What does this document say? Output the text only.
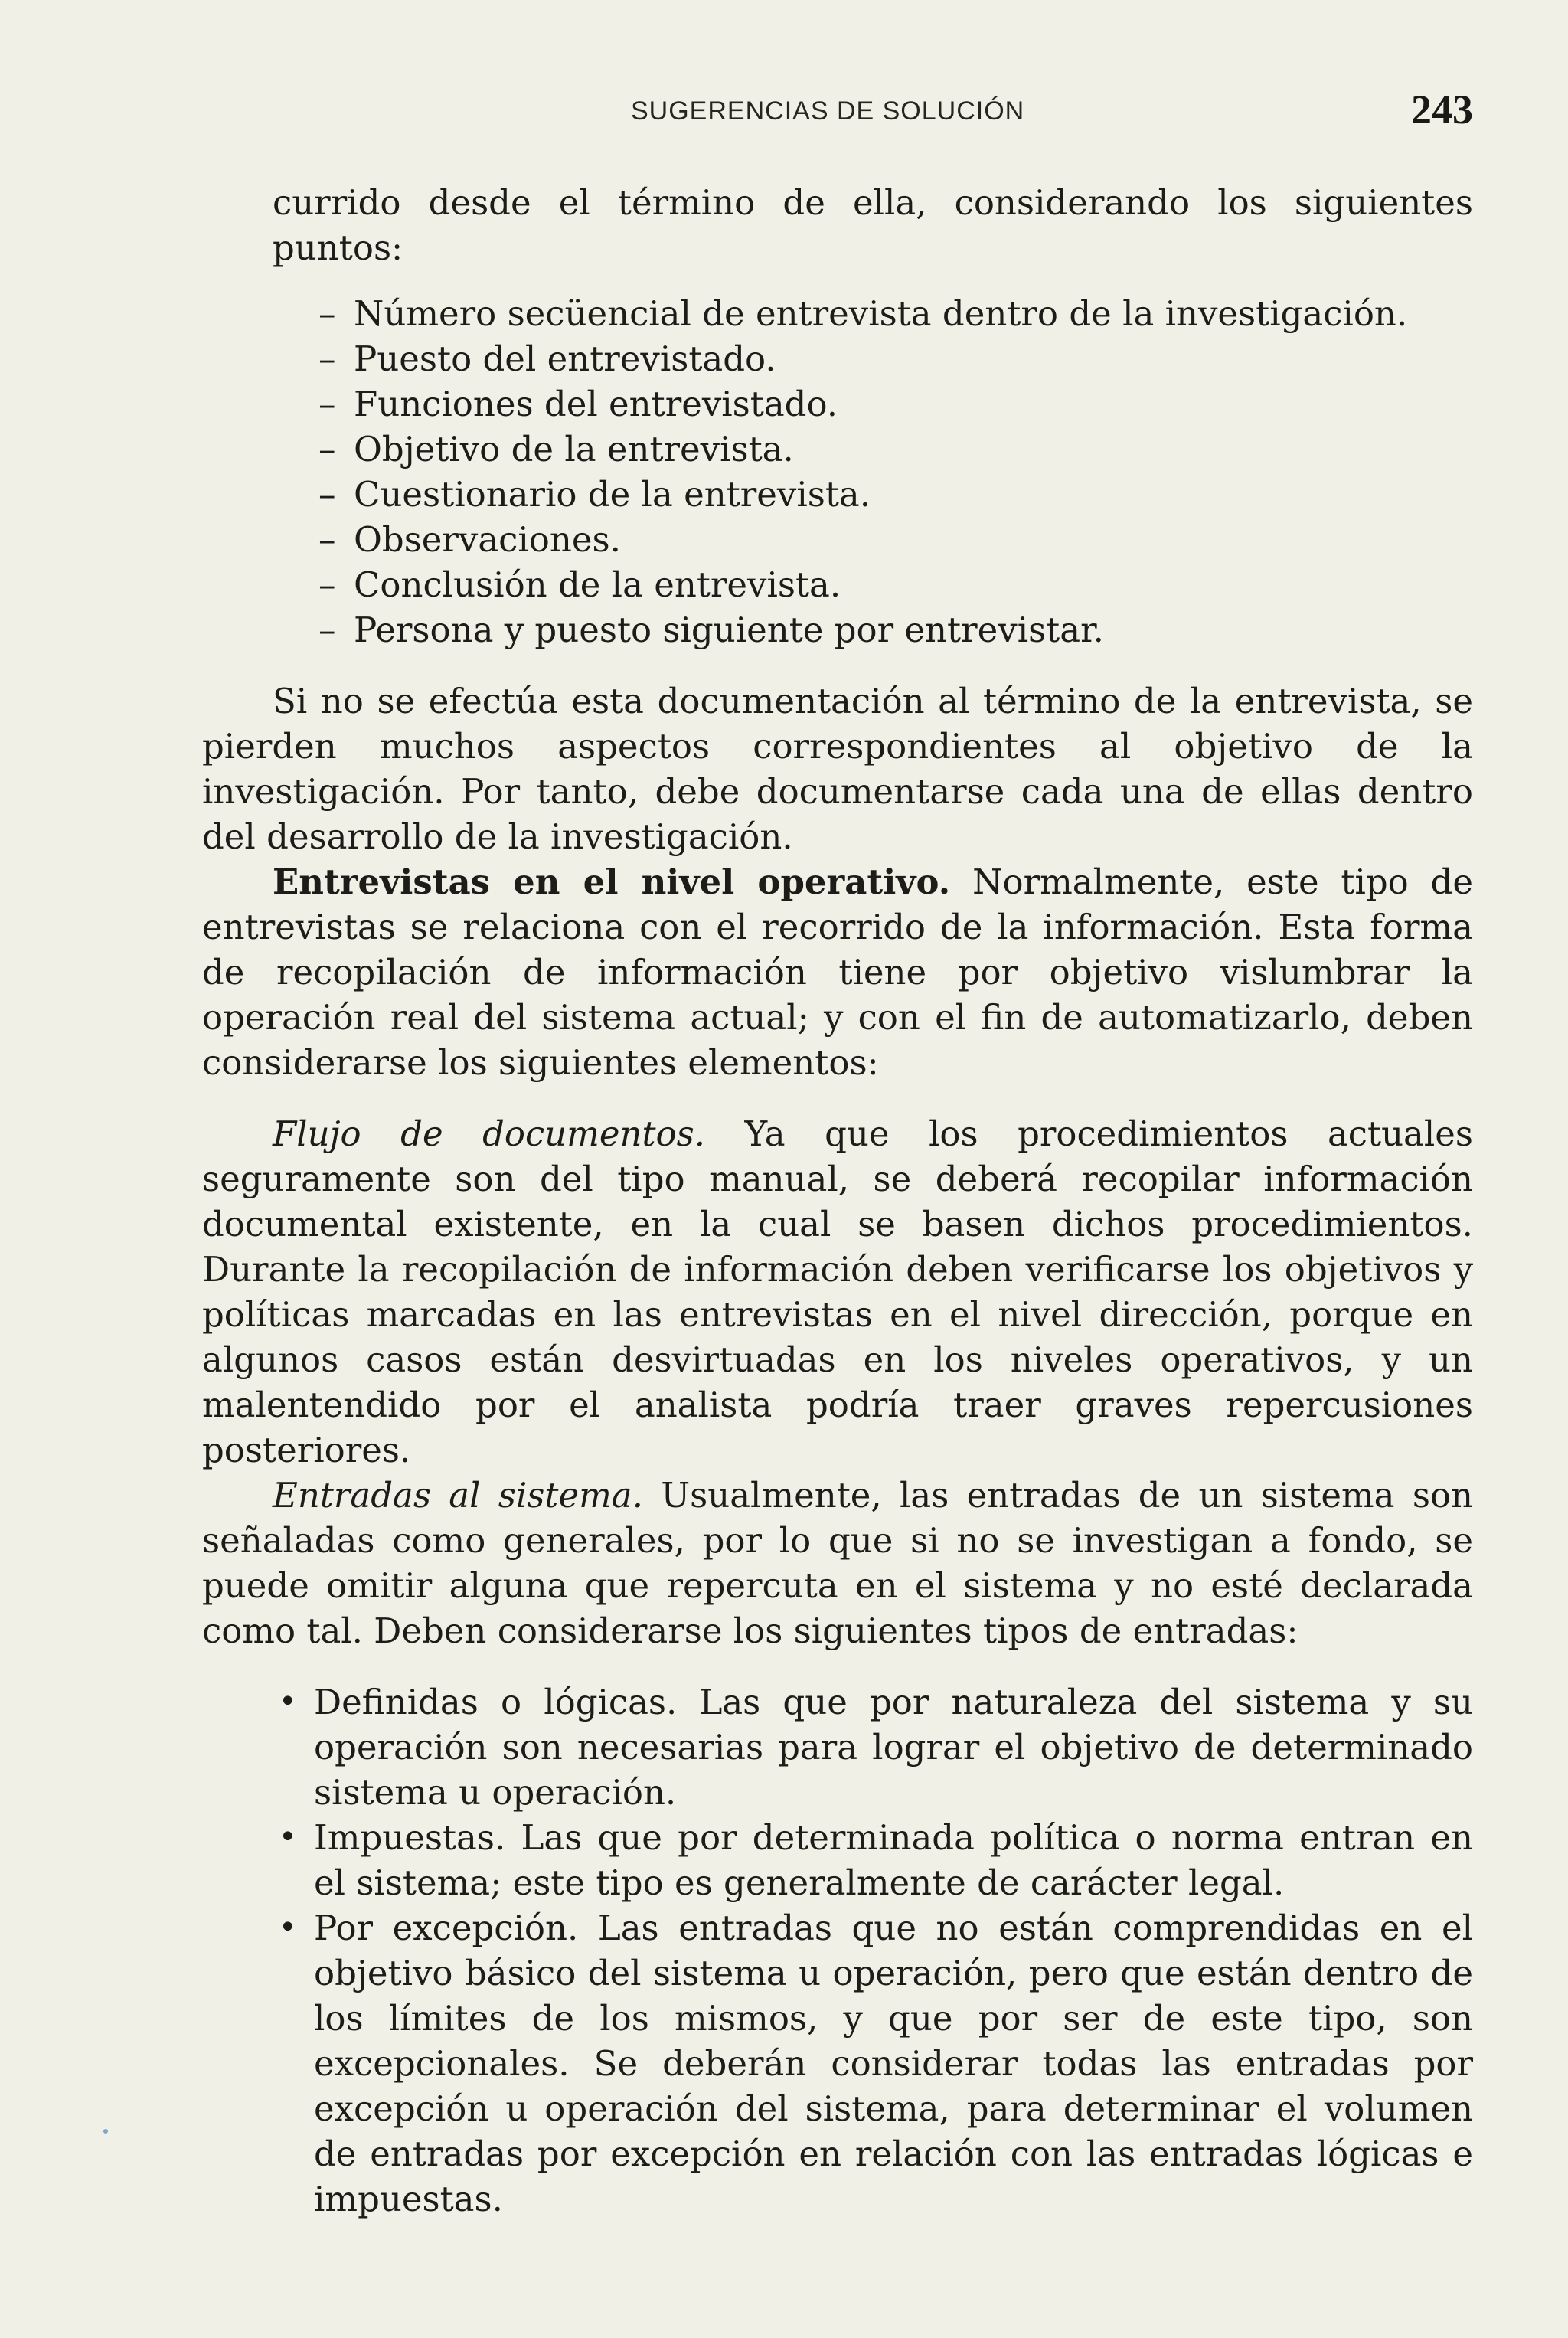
SUGERENCIAS DE SOLUCIÓN	243

currido desde el término de ella, considerando los siguientes puntos:

– Número secüencial de entrevista dentro de la investigación.
– Puesto del entrevistado.
– Funciones del entrevistado.
– Objetivo de la entrevista.
– Cuestionario de la entrevista.
– Observaciones.
– Conclusión de la entrevista.
– Persona y puesto siguiente por entrevistar.

Si no se efectúa esta documentación al término de la entrevista, se pierden muchos aspectos correspondientes al objetivo de la investigación. Por tanto, debe documentarse cada una de ellas dentro del desarrollo de la investigación.

Entrevistas en el nivel operativo. Normalmente, este tipo de entrevistas se relaciona con el recorrido de la información. Esta forma de recopilación de información tiene por objetivo vislumbrar la operación real del sistema actual; y con el fin de automatizarlo, deben considerarse los siguientes elementos:

Flujo de documentos. Ya que los procedimientos actuales seguramente son del tipo manual, se deberá recopilar información documental existente, en la cual se basen dichos procedimientos. Durante la recopilación de información deben verificarse los objetivos y políticas marcadas en las entrevistas en el nivel dirección, porque en algunos casos están desvirtuadas en los niveles operativos, y un malentendido por el analista podría traer graves repercusiones posteriores.

Entradas al sistema. Usualmente, las entradas de un sistema son señaladas como generales, por lo que si no se investigan a fondo, se puede omitir alguna que repercuta en el sistema y no esté declarada como tal. Deben considerarse los siguientes tipos de entradas:

• Definidas o lógicas. Las que por naturaleza del sistema y su operación son necesarias para lograr el objetivo de determinado sistema u operación.
• Impuestas. Las que por determinada política o norma entran en el sistema; este tipo es generalmente de carácter legal.
• Por excepción. Las entradas que no están comprendidas en el objetivo básico del sistema u operación, pero que están dentro de los límites de los mismos, y que por ser de este tipo, son excepcionales. Se deberán considerar todas las entradas por excepción u operación del sistema, para determinar el volumen de entradas por excepción en relación con las entradas lógicas e impuestas.
